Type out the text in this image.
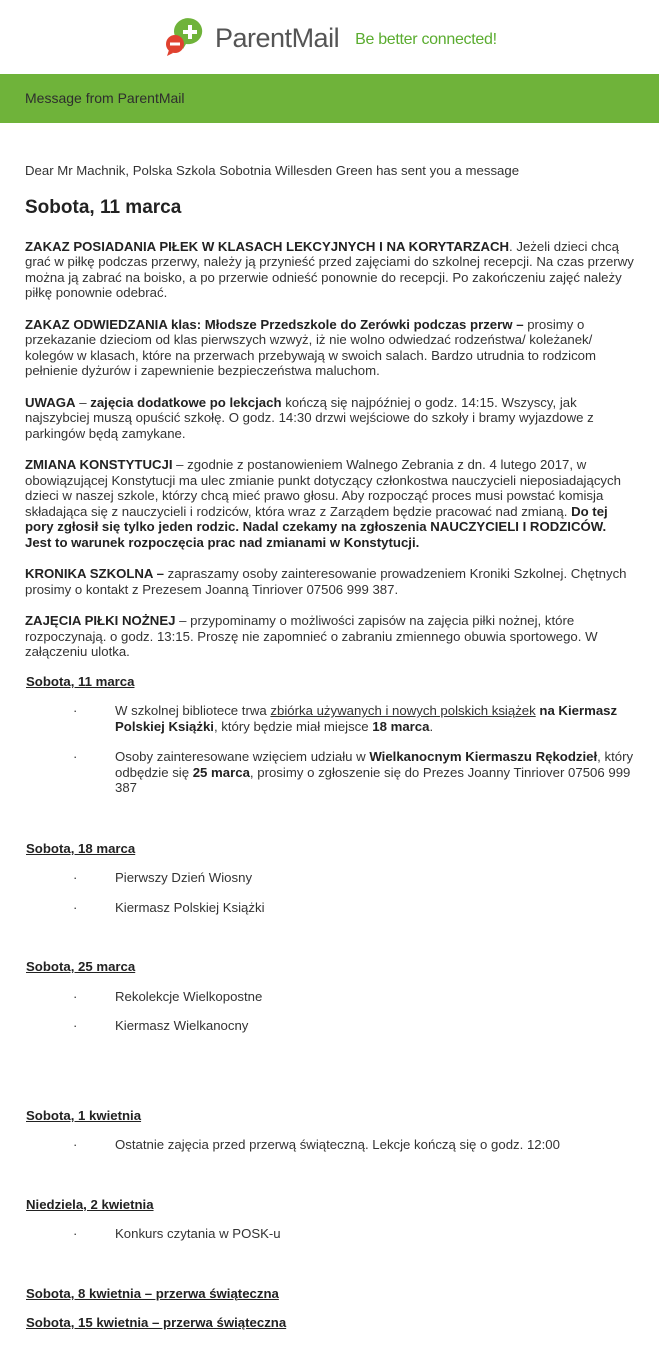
ParentMail Be better connected!
Message from ParentMail

Dear Mr Machnik, Polska Szkola Sobotnia Willesden Green has sent you a message

Sobota, 11 marca

ZAKAZ POSIADANIA PIŁEK W KLASACH LEKCYJNYCH I NA KORYTARZACH. Jeżeli dzieci chcą grać w piłkę podczas przerwy, należy ją przynieść przed zajęciami do szkolnej recepcji. Na czas przerwy można ją zabrać na boisko, a po przerwie odnieść ponownie do recepcji. Po zakończeniu zajęć należy piłkę ponownie odebrać.

ZAKAZ ODWIEDZANIA klas: Młodsze Przedszkole do Zerówki podczas przerw – prosimy o przekazanie dzieciom od klas pierwszych wzwyż, iż nie wolno odwiedzać rodzeństwa/ koleżanek/ kolegów w klasach, które na przerwach przebywają w swoich salach. Bardzo utrudnia to rodzicom pełnienie dyżurów i zapewnienie bezpieczeństwa maluchom.

UWAGA – zajęcia dodatkowe po lekcjach kończą się najpóźniej o godz. 14:15. Wszyscy, jak najszybciej muszą opuścić szkołę. O godz. 14:30 drzwi wejściowe do szkoły i bramy wyjazdowe z parkingów będą zamykane.

ZMIANA KONSTYTUCJI – zgodnie z postanowieniem Walnego Zebrania z dn. 4 lutego 2017, w obowiązującej Konstytucji ma ulec zmianie punkt dotyczący członkostwa nauczycieli nieposiadających dzieci w naszej szkole, którzy chcą mieć prawo głosu. Aby rozpocząć proces musi powstać komisja składająca się z nauczycieli i rodziców, która wraz z Zarządem będzie pracować nad zmianą. Do tej pory zgłosił się tylko jeden rodzic. Nadal czekamy na zgłoszenia NAUCZYCIELI I RODZICÓW. Jest to warunek rozpoczęcia prac nad zmianami w Konstytucji.

KRONIKA SZKOLNA – zapraszamy osoby zainteresowanie prowadzeniem Kroniki Szkolnej. Chętnych prosimy o kontakt z Prezesem Joanną Tinriover 07506 999 387.

ZAJĘCIA PIŁKI NOŻNEJ – przypominamy o możliwości zapisów na zajęcia piłki nożnej, które rozpoczynają. o godz. 13:15. Proszę nie zapomnieć o zabraniu zmiennego obuwia sportowego. W załączeniu ulotka.

Sobota, 11 marca

·	W szkolnej bibliotece trwa zbiórka używanych i nowych polskich książek na Kiermasz Polskiej Książki, który będzie miał miejsce 18 marca.
·	Osoby zainteresowane wzięciem udziału w Wielkanocnym Kiermaszu Rękodzieł, który odbędzie się 25 marca, prosimy o zgłoszenie się do Prezes Joanny Tinriover 07506 999 387

Sobota, 18 marca

·	Pierwszy Dzień Wiosny
·	Kiermasz Polskiej Książki

Sobota, 25 marca

·	Rekolekcje Wielkopostne
·	Kiermasz Wielkanocny

Sobota, 1 kwietnia

·	Ostatnie zajęcia przed przerwą świąteczną. Lekcje kończą się o godz. 12:00

Niedziela, 2 kwietnia

·	Konkurs czytania w POSK-u

Sobota, 8 kwietnia – przerwa świąteczna

Sobota, 15 kwietnia – przerwa świąteczna
